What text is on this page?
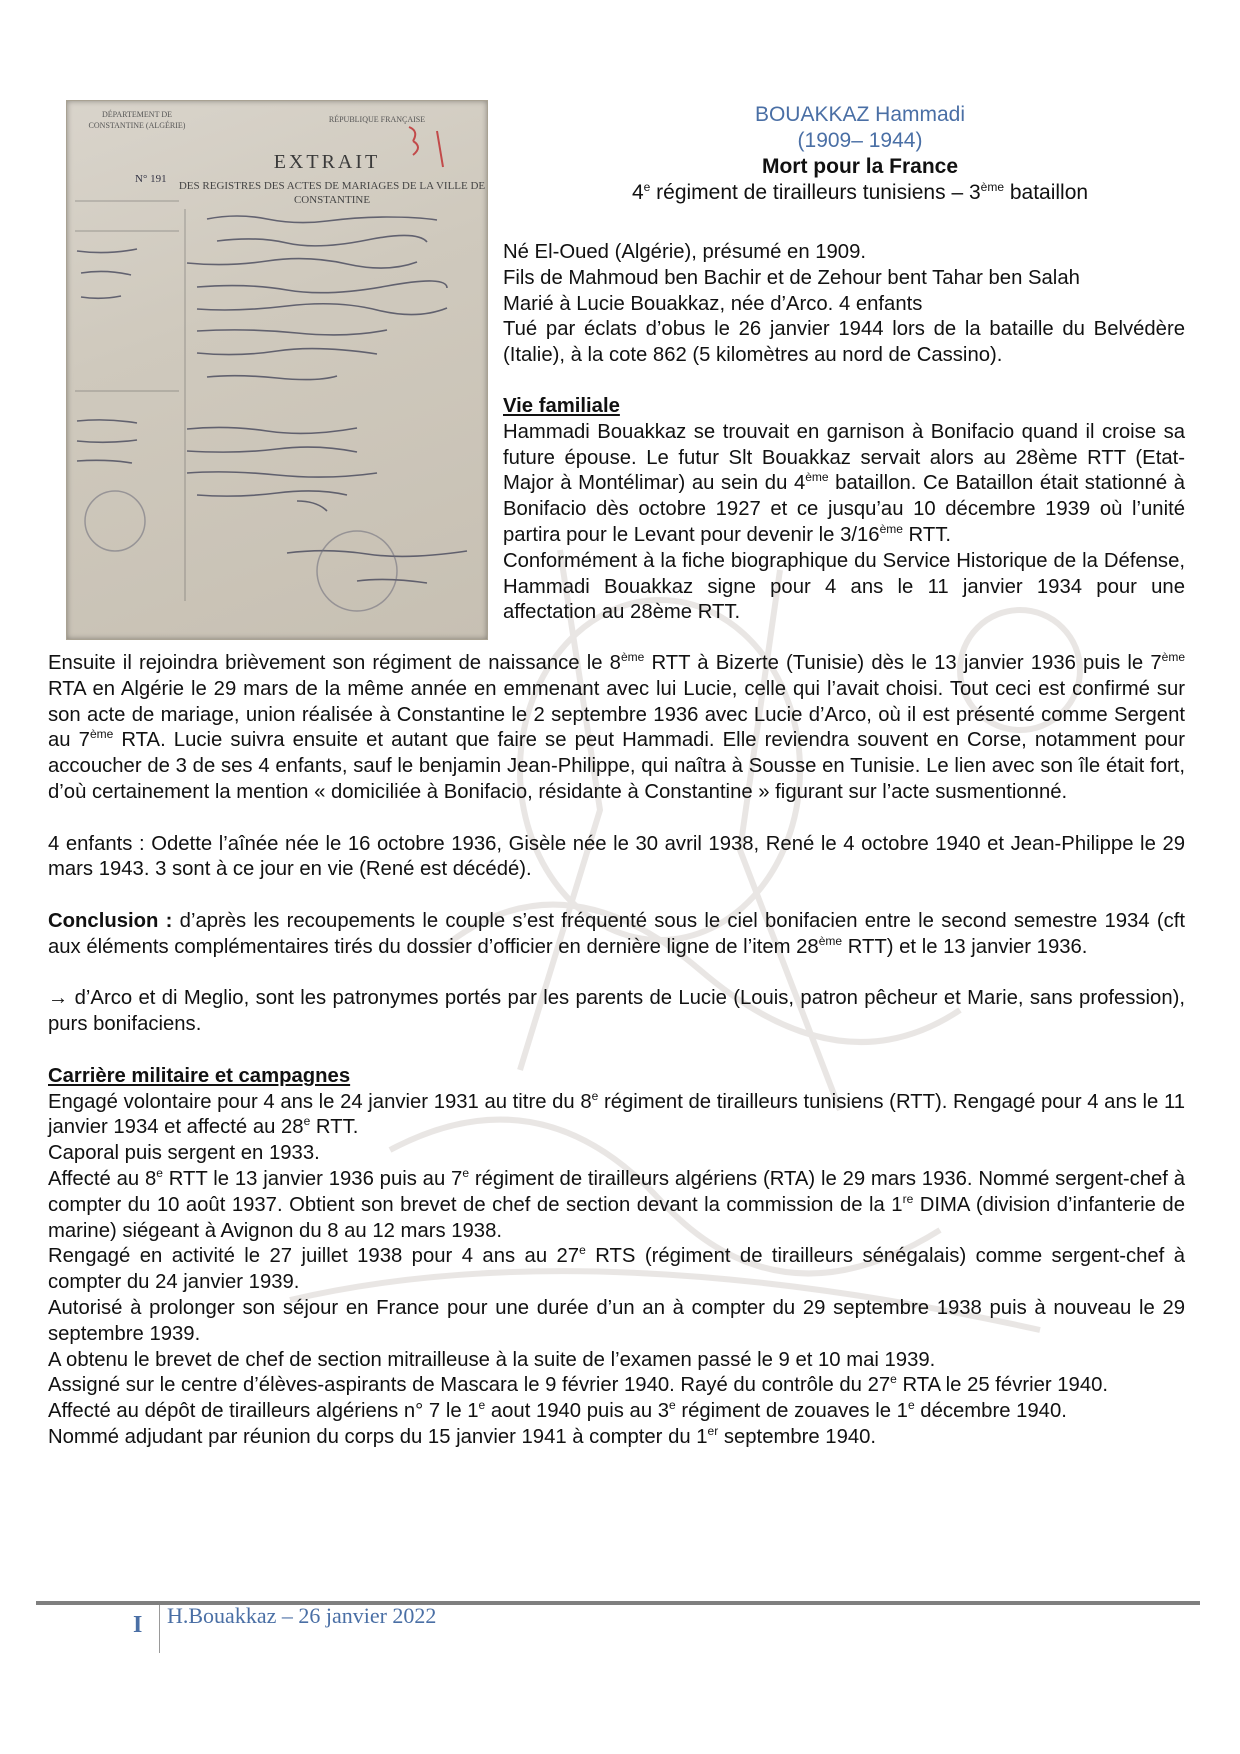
DÉPARTEMENT DE CONSTANTINE (ALGÉRIE)
RÉPUBLIQUE FRANÇAISE
N° 191
EXTRAIT
DES REGISTRES DES ACTES DE MARIAGES DE LA VILLE DE CONSTANTINE
BOUAKKAZ Hammadi
(1909– 1944)
Mort pour la France
4e régiment de tirailleurs tunisiens – 3ème bataillon

Né El-Oued (Algérie), présumé en 1909.

Fils de Mahmoud ben Bachir et de Zehour bent Tahar ben Salah

Marié à Lucie Bouakkaz, née d’Arco. 4 enfants

Tué par éclats d’obus le 26 janvier 1944 lors de la bataille du Belvédère (Italie), à la cote 862 (5 kilomètres au nord de Cassino).

Vie familiale

Hammadi Bouakkaz se trouvait en garnison à Bonifacio quand il croise sa future épouse. Le futur Slt Bouakkaz servait alors au 28ème RTT (Etat-Major à Montélimar) au sein du 4ème bataillon. Ce Bataillon était stationné à Bonifacio dès octobre 1927 et ce jusqu’au 10 décembre 1939 où l’unité partira pour le Levant pour devenir le 3/16ème RTT.

Conformément à la fiche biographique du Service Historique de la Défense, Hammadi Bouakkaz signe pour 4 ans le 11 janvier 1934 pour une affectation au 28ème RTT.

Ensuite il rejoindra brièvement son régiment de naissance le 8ème RTT à Bizerte (Tunisie) dès le 13 janvier 1936 puis le 7ème RTA en Algérie le 29 mars de la même année en emmenant avec lui Lucie, celle qui l’avait choisi. Tout ceci est confirmé sur son acte de mariage, union réalisée à Constantine le 2 septembre 1936 avec Lucie d’Arco, où il est présenté comme Sergent au 7ème RTA. Lucie suivra ensuite et autant que faire se peut Hammadi. Elle reviendra souvent en Corse, notamment pour accoucher de 3 de ses 4 enfants, sauf le benjamin Jean-Philippe, qui naîtra à Sousse en Tunisie. Le lien avec son île était fort, d’où certainement la mention « domiciliée à Bonifacio, résidante à Constantine » figurant sur l’acte susmentionné.

4 enfants : Odette l’aînée née le 16 octobre 1936, Gisèle née le 30 avril 1938, René le 4 octobre 1940 et Jean-Philippe le 29 mars 1943. 3 sont à ce jour en vie (René est décédé).

Conclusion : d’après les recoupements le couple s’est fréquenté sous le ciel bonifacien entre le second semestre 1934 (cft aux éléments complémentaires tirés du dossier d’officier en dernière ligne de l’item 28ème RTT) et le 13 janvier 1936.

→ d’Arco et di Meglio, sont les patronymes portés par les parents de Lucie (Louis, patron pêcheur et Marie, sans profession), purs bonifaciens.

Carrière militaire et campagnes

Engagé volontaire pour 4 ans le 24 janvier 1931 au titre du 8e régiment de tirailleurs tunisiens (RTT). Rengagé pour 4 ans le 11 janvier 1934 et affecté au 28e RTT.

Caporal puis sergent en 1933.

Affecté au 8e RTT le 13 janvier 1936 puis au 7e régiment de tirailleurs algériens (RTA) le 29 mars 1936. Nommé sergent-chef à compter du 10 août 1937. Obtient son brevet de chef de section devant la commission de la 1re DIMA (division d’infanterie de marine) siégeant à Avignon du 8 au 12 mars 1938.

Rengagé en activité le 27 juillet 1938 pour 4 ans au 27e RTS (régiment de tirailleurs sénégalais) comme sergent-chef à compter du 24 janvier 1939.

Autorisé à prolonger son séjour en France pour une durée d’un an à compter du 29 septembre 1938 puis à nouveau le 29 septembre 1939.

A obtenu le brevet de chef de section mitrailleuse à la suite de l’examen passé le 9 et 10 mai 1939.

Assigné sur le centre d’élèves-aspirants de Mascara le 9 février 1940. Rayé du contrôle du 27e RTA le 25 février 1940.

Affecté au dépôt de tirailleurs algériens n° 7 le 1e aout 1940 puis au 3e régiment de zouaves le 1e décembre 1940.

Nommé adjudant par réunion du corps du 15 janvier 1941 à compter du 1er septembre 1940.

I H.Bouakkaz – 26 janvier 2022
